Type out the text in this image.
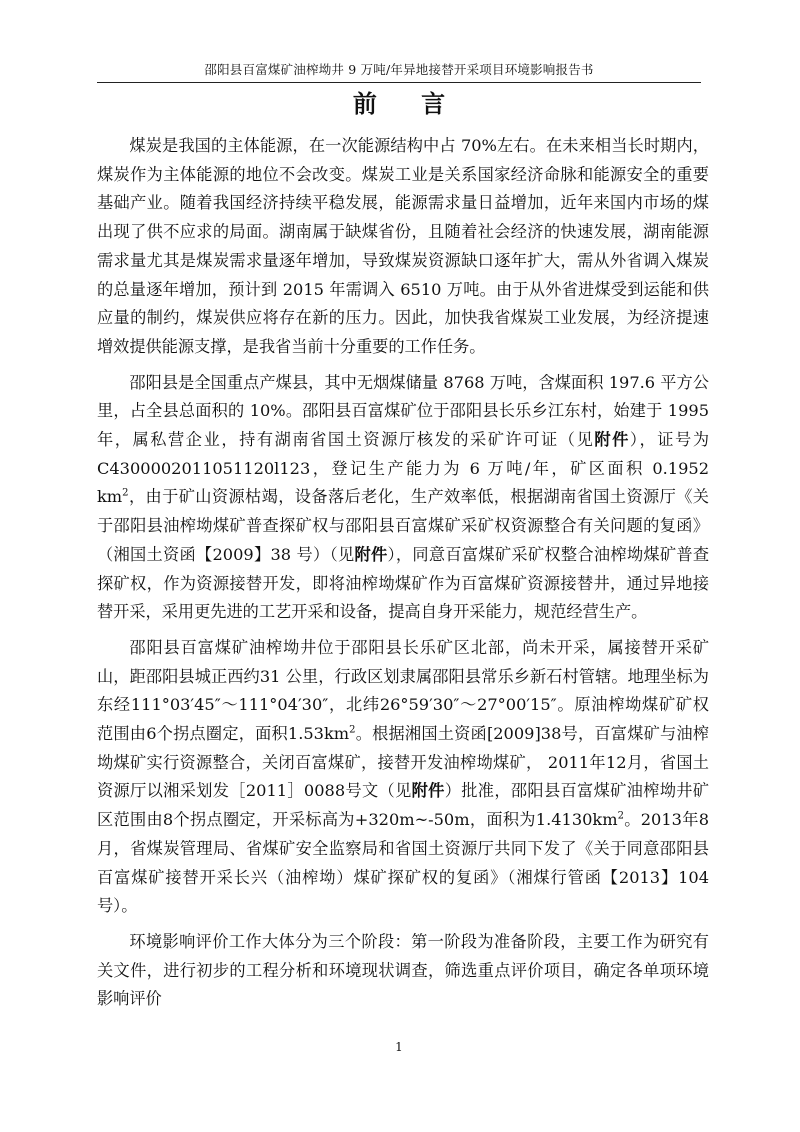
邵阳县百富煤矿油榨坳井 9 万吨/年异地接替开采项目环境影响报告书
前 言

煤炭是我国的主体能源，在一次能源结构中占 70%左右。在未来相当长时期内，煤炭作为主体能源的地位不会改变。煤炭工业是关系国家经济命脉和能源安全的重要基础产业。随着我国经济持续平稳发展，能源需求量日益增加，近年来国内市场的煤出现了供不应求的局面。湖南属于缺煤省份，且随着社会经济的快速发展，湖南能源需求量尤其是煤炭需求量逐年增加，导致煤炭资源缺口逐年扩大，需从外省调入煤炭的总量逐年增加，预计到 2015 年需调入 6510 万吨。由于从外省进煤受到运能和供应量的制约，煤炭供应将存在新的压力。因此，加快我省煤炭工业发展，为经济提速增效提供能源支撑，是我省当前十分重要的工作任务。

邵阳县是全国重点产煤县，其中无烟煤储量 8768 万吨，含煤面积 197.6 平方公里，占全县总面积的 10%。邵阳县百富煤矿位于邵阳县长乐乡江东村，始建于 1995 年，属私营企业，持有湖南省国土资源厅核发的采矿许可证（见附件），证号为 C4300002011051120l123，登记生产能力为 6 万吨/年，矿区面积 0.1952 $km^2$，由于矿山资源枯竭，设备落后老化，生产效率低，根据湖南省国土资源厅《关于邵阳县油榨坳煤矿普查探矿权与邵阳县百富煤矿采矿权资源整合有关问题的复函》（湘国土资函【2009】38 号）（见附件），同意百富煤矿采矿权整合油榨坳煤矿普查探矿权，作为资源接替开发，即将油榨坳煤矿作为百富煤矿资源接替井，通过异地接替开采，采用更先进的工艺开采和设备，提高自身开采能力，规范经营生产。

邵阳县百富煤矿油榨坳井位于邵阳县长乐矿区北部，尚未开采，属接替开采矿山，距邵阳县城正西约31 公里，行政区划隶属邵阳县常乐乡新石村管辖。地理坐标为东经111°03′45″～111°04′30″，北纬26°59′30″～27°00′15″。原油榨坳煤矿矿权范围由6个拐点圈定，面积$1.53km^2$。根据湘国土资函[2009]38号，百富煤矿与油榨坳煤矿实行资源整合，关闭百富煤矿，接替开发油榨坳煤矿， 2011年12月，省国土资源厅以湘采划发［2011］0088号文（见附件）批准，邵阳县百富煤矿油榨坳井矿区范围由8个拐点圈定，开采标高为+320m~-50m，面积为$1.4130km^2$。2013年8月，省煤炭管理局、省煤矿安全监察局和省国土资源厅共同下发了《关于同意邵阳县百富煤矿接替开采长兴（油榨坳）煤矿探矿权的复函》（湘煤行管函【2013】104号）。

环境影响评价工作大体分为三个阶段：第一阶段为准备阶段，主要工作为研究有关文件，进行初步的工程分析和环境现状调查，筛选重点评价项目，确定各单项环境影响评价

1
